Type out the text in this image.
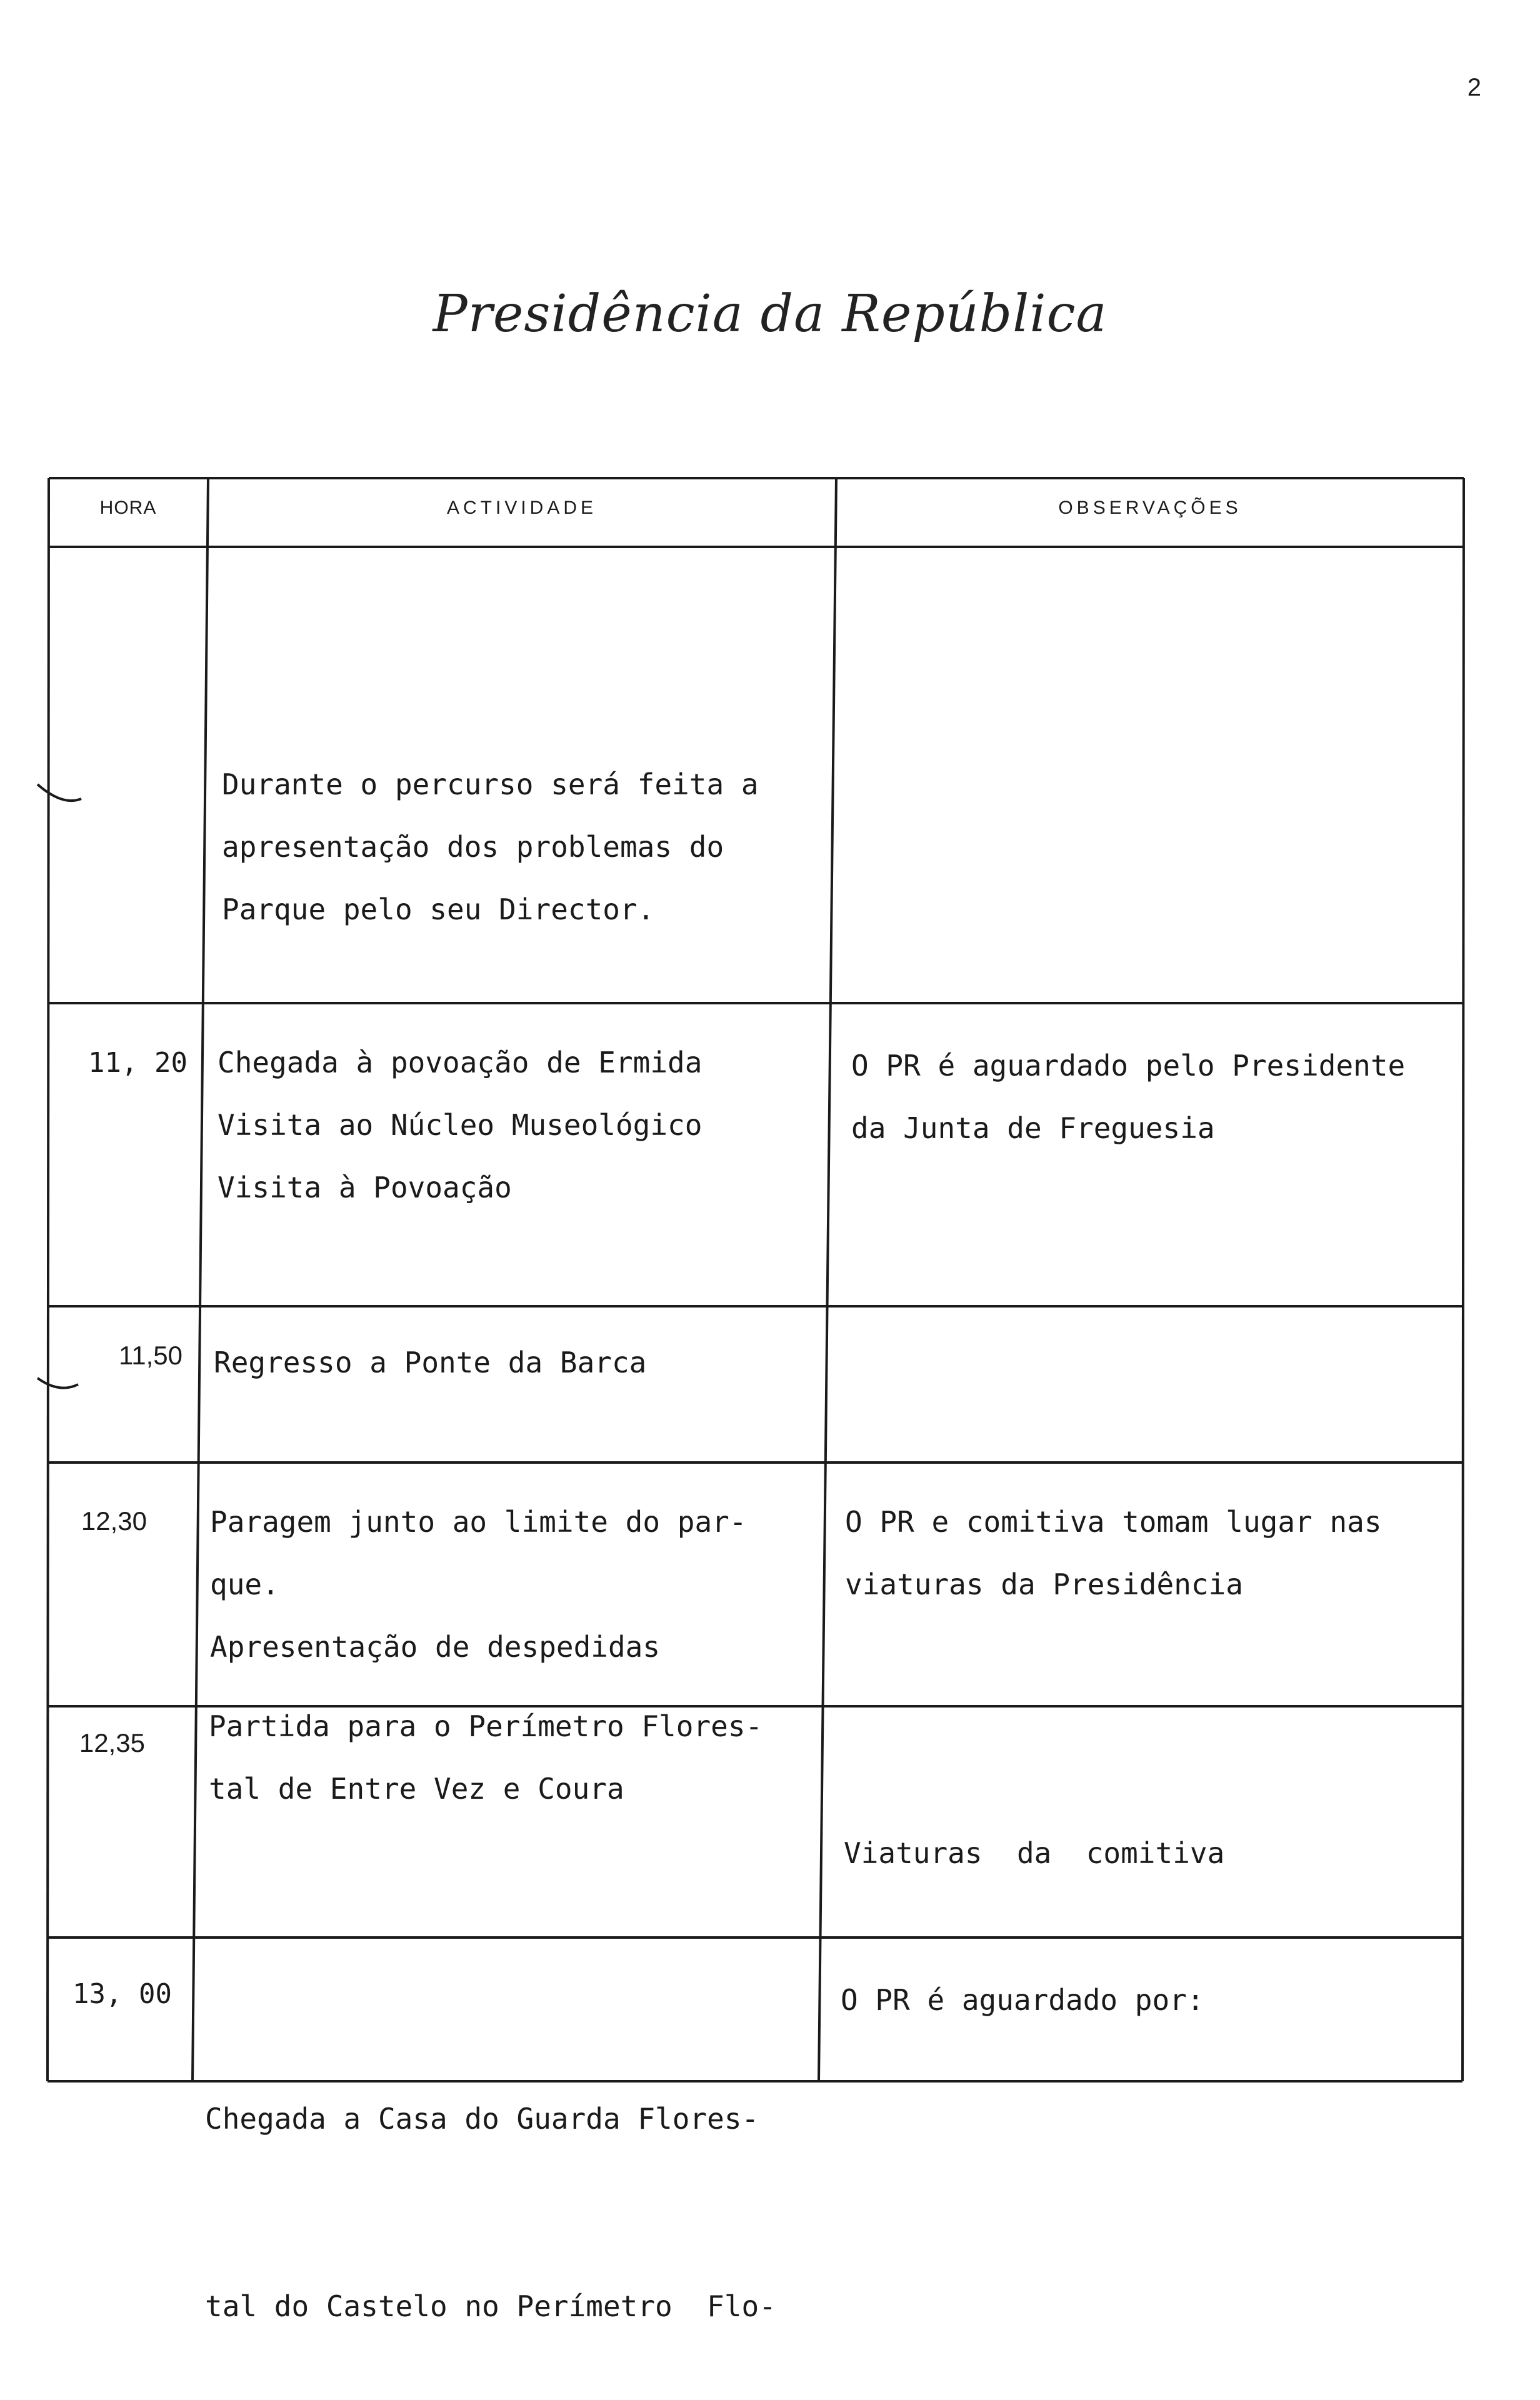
2
Presidência da República
HORA	ACTIVIDADE	OBSERVAÇÕES
Durante o percurso será feita a
apresentação dos problemas do
Parque pelo seu Director.
11, 20 Chegada à povoação de Ermida
Visita ao Núcleo Museológico
Visita à Povoação
O PR é aguardado pelo Presidente
da Junta de Freguesia
11,50 Regresso a Ponte da Barca
12,30 Paragem junto ao limite do par-
que.
Apresentação de despedidas
O PR e comitiva tomam lugar nas
viaturas da Presidência
12,35 Partida para o Perímetro Flores-
tal de Entre Vez e Coura

Viaturas  da  comitiva

13, 00

Chegada a Casa do Guarda Flores-

tal do Castelo no Perímetro  Flo-

O PR é aguardado por:
